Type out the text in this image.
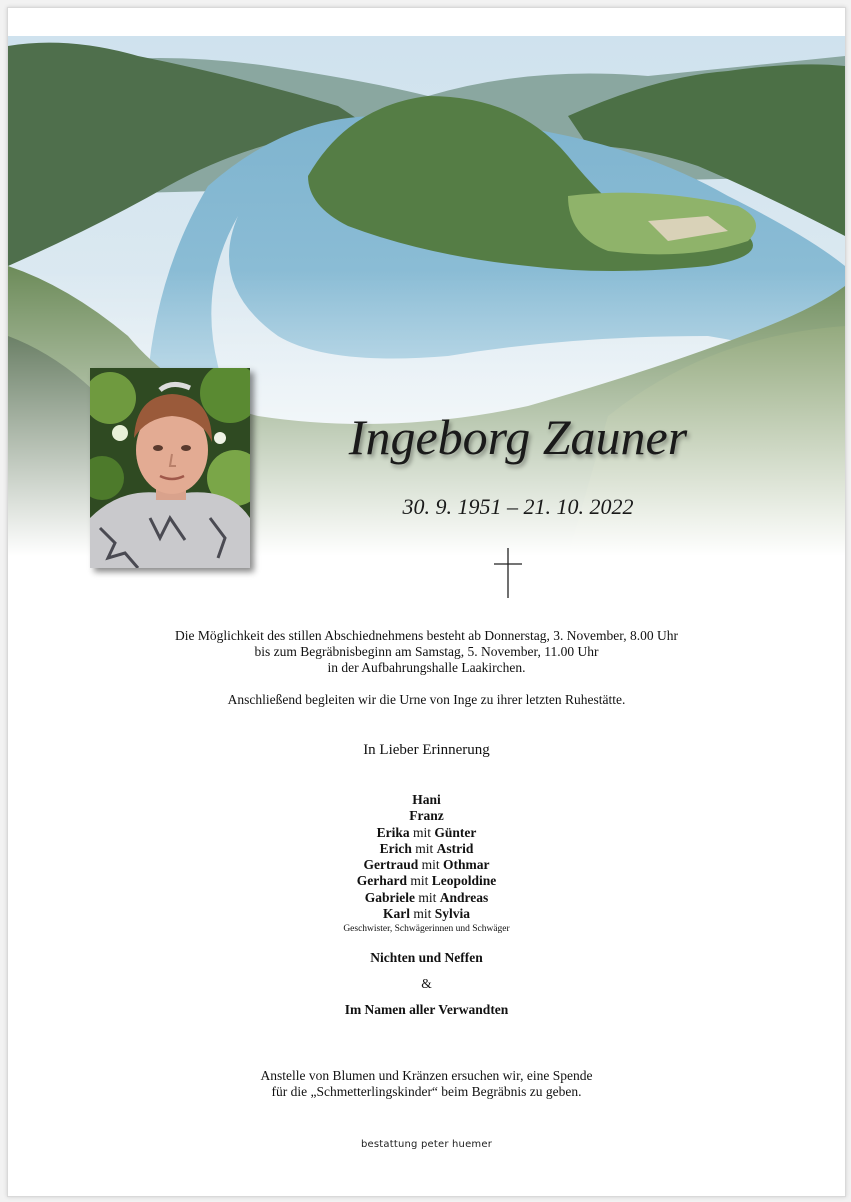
Ingeborg Zauner
30. 9. 1951 – 21. 10. 2022
Die Möglichkeit des stillen Abschiednehmens besteht ab Donnerstag, 3. November, 8.00 Uhr
bis zum Begräbnisbeginn am Samstag, 5. November, 11.00 Uhr
in der Aufbahrungshalle Laakirchen.
Anschließend begleiten wir die Urne von Inge zu ihrer letzten Ruhestätte.
In Lieber Erinnerung
Hani
Franz
Erika mit Günter
Erich mit Astrid
Gertraud mit Othmar
Gerhard mit Leopoldine
Gabriele mit Andreas
Karl mit Sylvia
Geschwister, Schwägerinnen und Schwäger
Nichten und Neffen
&
Im Namen aller Verwandten
Anstelle von Blumen und Kränzen ersuchen wir, eine Spende
für die „Schmetterlingskinder“ beim Begräbnis zu geben.
bestattung peter huemer
